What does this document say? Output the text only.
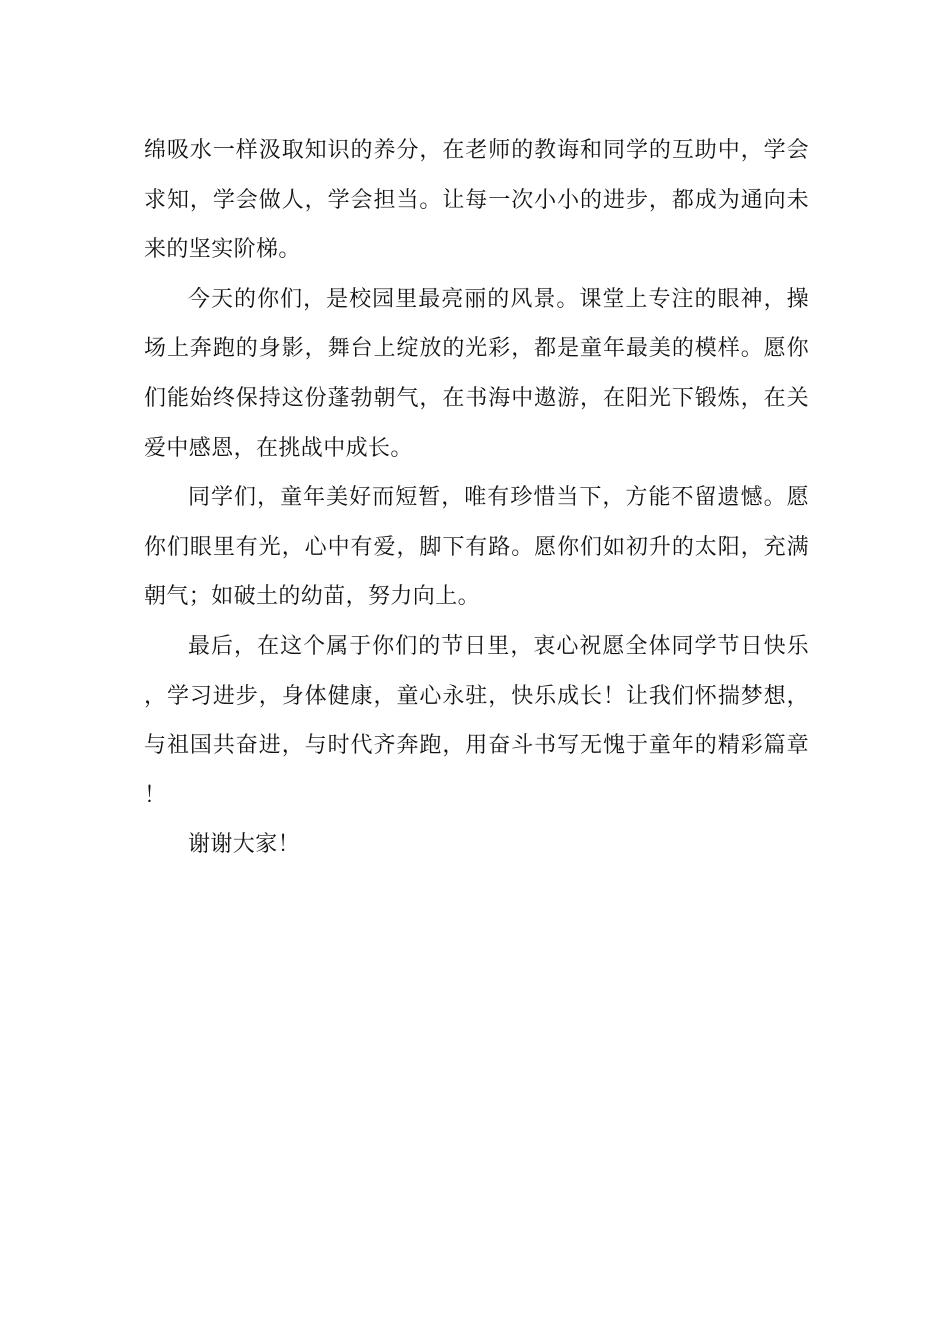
绵吸水一样汲取知识的养分，在老师的教诲和同学的互助中，学会求知，学会做人，学会担当。让每一次小小的进步，都成为通向未来的坚实阶梯。

今天的你们，是校园里最亮丽的风景。课堂上专注的眼神，操场上奔跑的身影，舞台上绽放的光彩，都是童年最美的模样。愿你们能始终保持这份蓬勃朝气，在书海中遨游，在阳光下锻炼，在关爱中感恩，在挑战中成长。

同学们，童年美好而短暂，唯有珍惜当下，方能不留遗憾。愿你们眼里有光，心中有爱，脚下有路。愿你们如初升的太阳，充满朝气；如破土的幼苗，努力向上。

最后，在这个属于你们的节日里，衷心祝愿全体同学节日快乐，学习进步，身体健康，童心永驻，快乐成长！让我们怀揣梦想，与祖国共奋进，与时代齐奔跑，用奋斗书写无愧于童年的精彩篇章！

谢谢大家！
